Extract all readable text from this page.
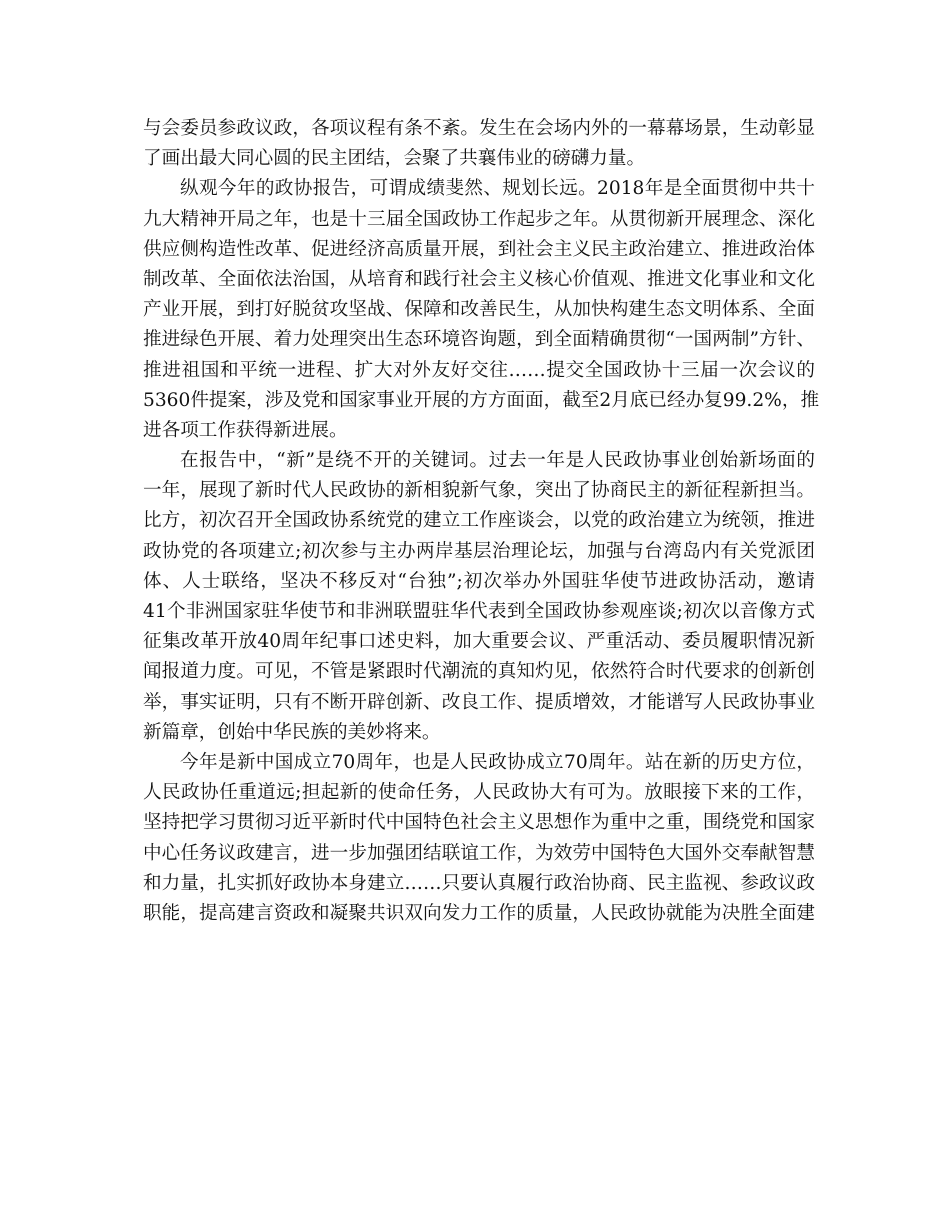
与会委员参政议政，各项议程有条不紊。发生在会场内外的一幕幕场景，生动彰显
了画出最大同心圆的民主团结，会聚了共襄伟业的磅礴力量。
纵观今年的政协报告，可谓成绩斐然、规划长远。2018年是全面贯彻中共十
九大精神开局之年，也是十三届全国政协工作起步之年。从贯彻新开展理念、深化
供应侧构造性改革、促进经济高质量开展，到社会主义民主政治建立、推进政治体
制改革、全面依法治国，从培育和践行社会主义核心价值观、推进文化事业和文化
产业开展，到打好脱贫攻坚战、保障和改善民生，从加快构建生态文明体系、全面
推进绿色开展、着力处理突出生态环境咨询题，到全面精确贯彻“一国两制”方针、
推进祖国和平统一进程、扩大对外友好交往……提交全国政协十三届一次会议的
5360件提案，涉及党和国家事业开展的方方面面，截至2月底已经办复99.2%，推
进各项工作获得新进展。
在报告中，“新”是绕不开的关键词。过去一年是人民政协事业创始新场面的
一年，展现了新时代人民政协的新相貌新气象，突出了协商民主的新征程新担当。
比方，初次召开全国政协系统党的建立工作座谈会，以党的政治建立为统领，推进
政协党的各项建立;初次参与主办两岸基层治理论坛，加强与台湾岛内有关党派团
体、人士联络，坚决不移反对“台独”;初次举办外国驻华使节进政协活动，邀请
41个非洲国家驻华使节和非洲联盟驻华代表到全国政协参观座谈;初次以音像方式
征集改革开放40周年纪事口述史料，加大重要会议、严重活动、委员履职情况新
闻报道力度。可见，不管是紧跟时代潮流的真知灼见，依然符合时代要求的创新创
举，事实证明，只有不断开辟创新、改良工作、提质增效，才能谱写人民政协事业
新篇章，创始中华民族的美妙将来。
今年是新中国成立70周年，也是人民政协成立70周年。站在新的历史方位，
人民政协任重道远;担起新的使命任务，人民政协大有可为。放眼接下来的工作，
坚持把学习贯彻习近平新时代中国特色社会主义思想作为重中之重，围绕党和国家
中心任务议政建言，进一步加强团结联谊工作，为效劳中国特色大国外交奉献智慧
和力量，扎实抓好政协本身建立……只要认真履行政治协商、民主监视、参政议政
职能，提高建言资政和凝聚共识双向发力工作的质量，人民政协就能为决胜全面建
